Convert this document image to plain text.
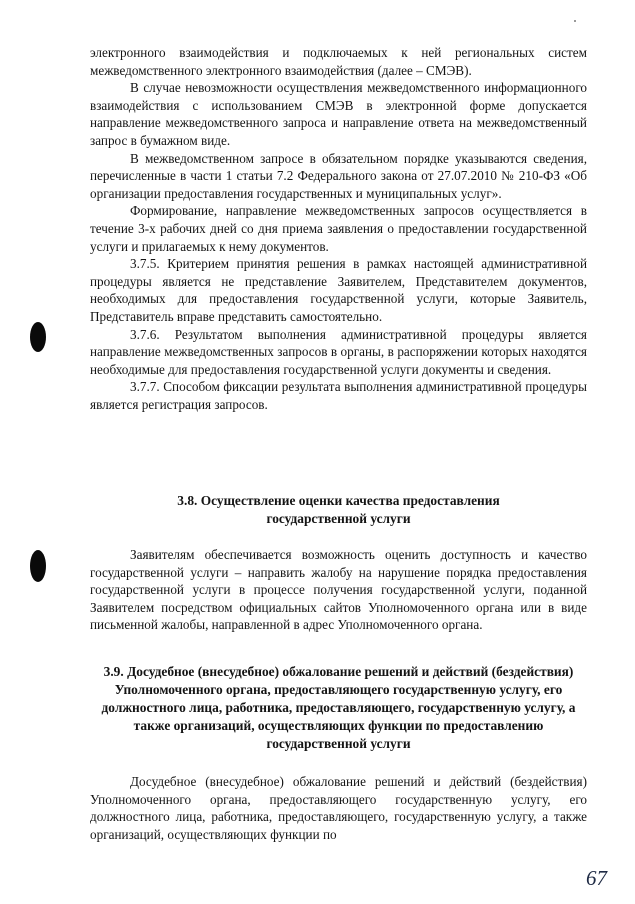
электронного взаимодействия и подключаемых к ней региональных систем межведомственного электронного взаимодействия (далее – СМЭВ).

В случае невозможности осуществления межведомственного информационного взаимодействия с использованием СМЭВ в электронной форме допускается направление межведомственного запроса и направление ответа на межведомственный запрос в бумажном виде.

В межведомственном запросе в обязательном порядке указываются сведения, перечисленные в части 1 статьи 7.2 Федерального закона от 27.07.2010 № 210-ФЗ «Об организации предоставления государственных и муниципальных услуг».

Формирование, направление межведомственных запросов осуществляется в течение 3-х рабочих дней со дня приема заявления о предоставлении государственной услуги и прилагаемых к нему документов.

3.7.5. Критерием принятия решения в рамках настоящей административной процедуры является не представление Заявителем, Представителем документов, необходимых для предоставления государственной услуги, которые Заявитель, Представитель вправе представить самостоятельно.

3.7.6. Результатом выполнения административной процедуры является направление межведомственных запросов в органы, в распоряжении которых находятся необходимые для предоставления государственной услуги документы и сведения.

3.7.7. Способом фиксации результата выполнения административной процедуры является регистрация запросов.

3.8. Осуществление оценки качества предоставления государственной услуги

Заявителям обеспечивается возможность оценить доступность и качество государственной услуги – направить жалобу на нарушение порядка предоставления государственной услуги в процессе получения государственной услуги, поданной Заявителем посредством официальных сайтов Уполномоченного органа или в виде письменной жалобы, направленной в адрес Уполномоченного органа.

3.9. Досудебное (внесудебное) обжалование решений и действий (бездействия) Уполномоченного органа, предоставляющего государственную услугу, его должностного лица, работника, предоставляющего, государственную услугу, а также организаций, осуществляющих функции по предоставлению государственной услуги

Досудебное (внесудебное) обжалование решений и действий (бездействия) Уполномоченного органа, предоставляющего государственную услугу, его должностного лица, работника, предоставляющего, государственную услугу, а также организаций, осуществляющих функции по

67
